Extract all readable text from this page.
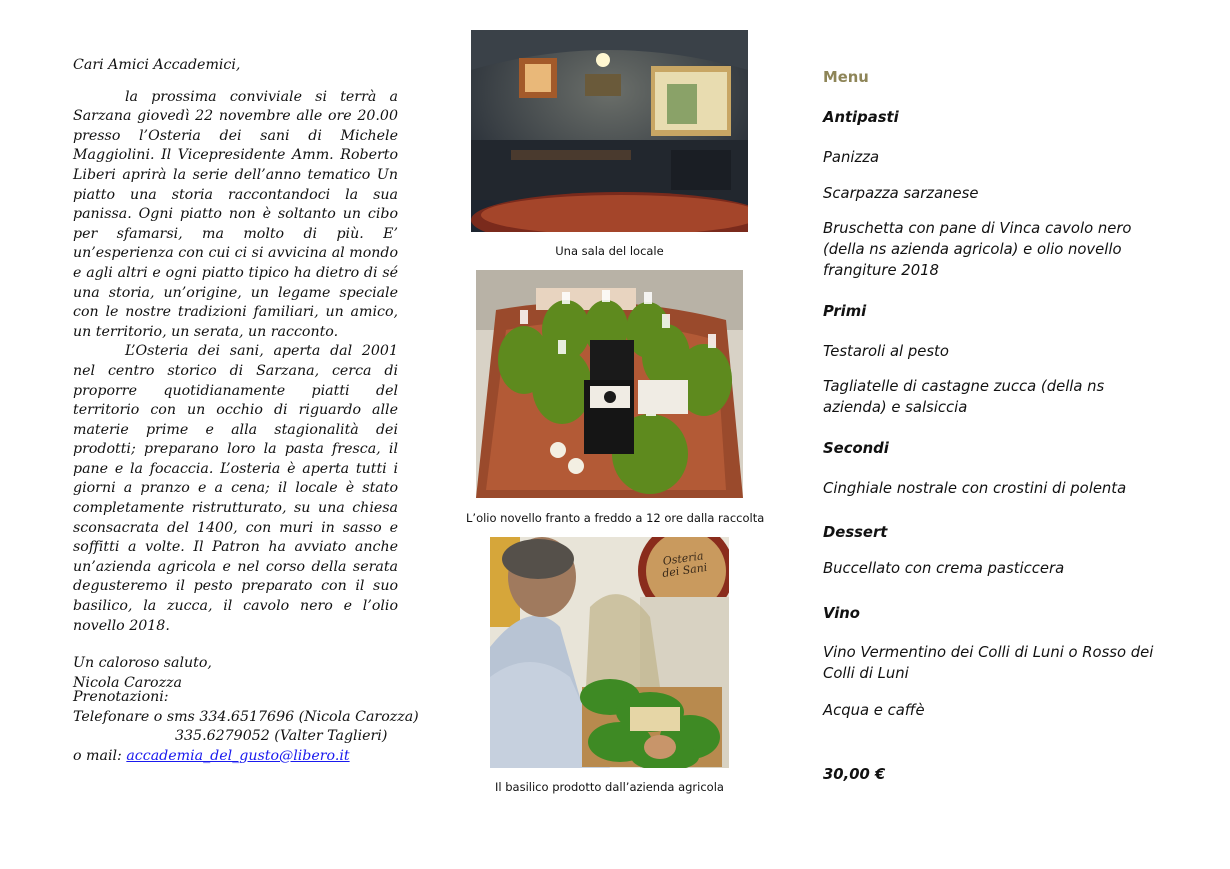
Cari Amici Accademici,

la prossima conviviale si terrà a Sarzana giovedì 22 novembre alle ore 20.00 presso l’Osteria dei sani di Michele Maggiolini. Il Vicepresidente Amm. Roberto Liberi aprirà la serie dell’anno tematico Un piatto una storia raccontandoci la sua panissa. Ogni piatto non è soltanto un cibo per sfamarsi, ma molto di più. E’ un’esperienza con cui ci si avvicina al mondo e agli altri e ogni piatto tipico ha dietro di sé una storia, un’origine, un legame speciale con le nostre tradizioni familiari, un amico, un territorio, un serata, un racconto.

L’Osteria dei sani, aperta dal 2001 nel centro storico di Sarzana, cerca di proporre quotidianamente piatti del territorio con un occhio di riguardo alle materie prime e alla stagionalità dei prodotti; preparano loro la pasta fresca, il pane e la focaccia. L’osteria è aperta tutti i giorni a pranzo e a cena; il locale è stato completamente ristrutturato, su una chiesa sconsacrata del 1400, con muri in sasso e soffitti a volte. Il Patron ha avviato anche un’azienda agricola e nel corso della serata degusteremo il pesto preparato con il suo basilico, la zucca, il cavolo nero e l’olio novello 2018.

Un caloroso saluto,

Nicola Carozza

Prenotazioni:
Telefonare o sms 334.6517696 (Nicola Carozza)
335.6279052 (Valter Taglieri)
o mail: accademia_del_gusto@libero.it
Una sala del locale
L’olio novello franto a freddo a 12 ore dalla raccolta
Osteria dei Sani
Il basilico prodotto dall’azienda agricola
Menu
Antipasti
Panizza
Scarpazza sarzanese
Bruschetta con pane di Vinca cavolo nero (della ns azienda agricola) e olio novello frangiture 2018
Primi
Testaroli al pesto
Tagliatelle di castagne zucca (della ns azienda) e salsiccia
Secondi
Cinghiale nostrale con crostini di polenta
Dessert
Buccellato con crema pasticcera
Vino
Vino Vermentino dei Colli di Luni o Rosso dei Colli di Luni
Acqua e caffè
30,00 €
